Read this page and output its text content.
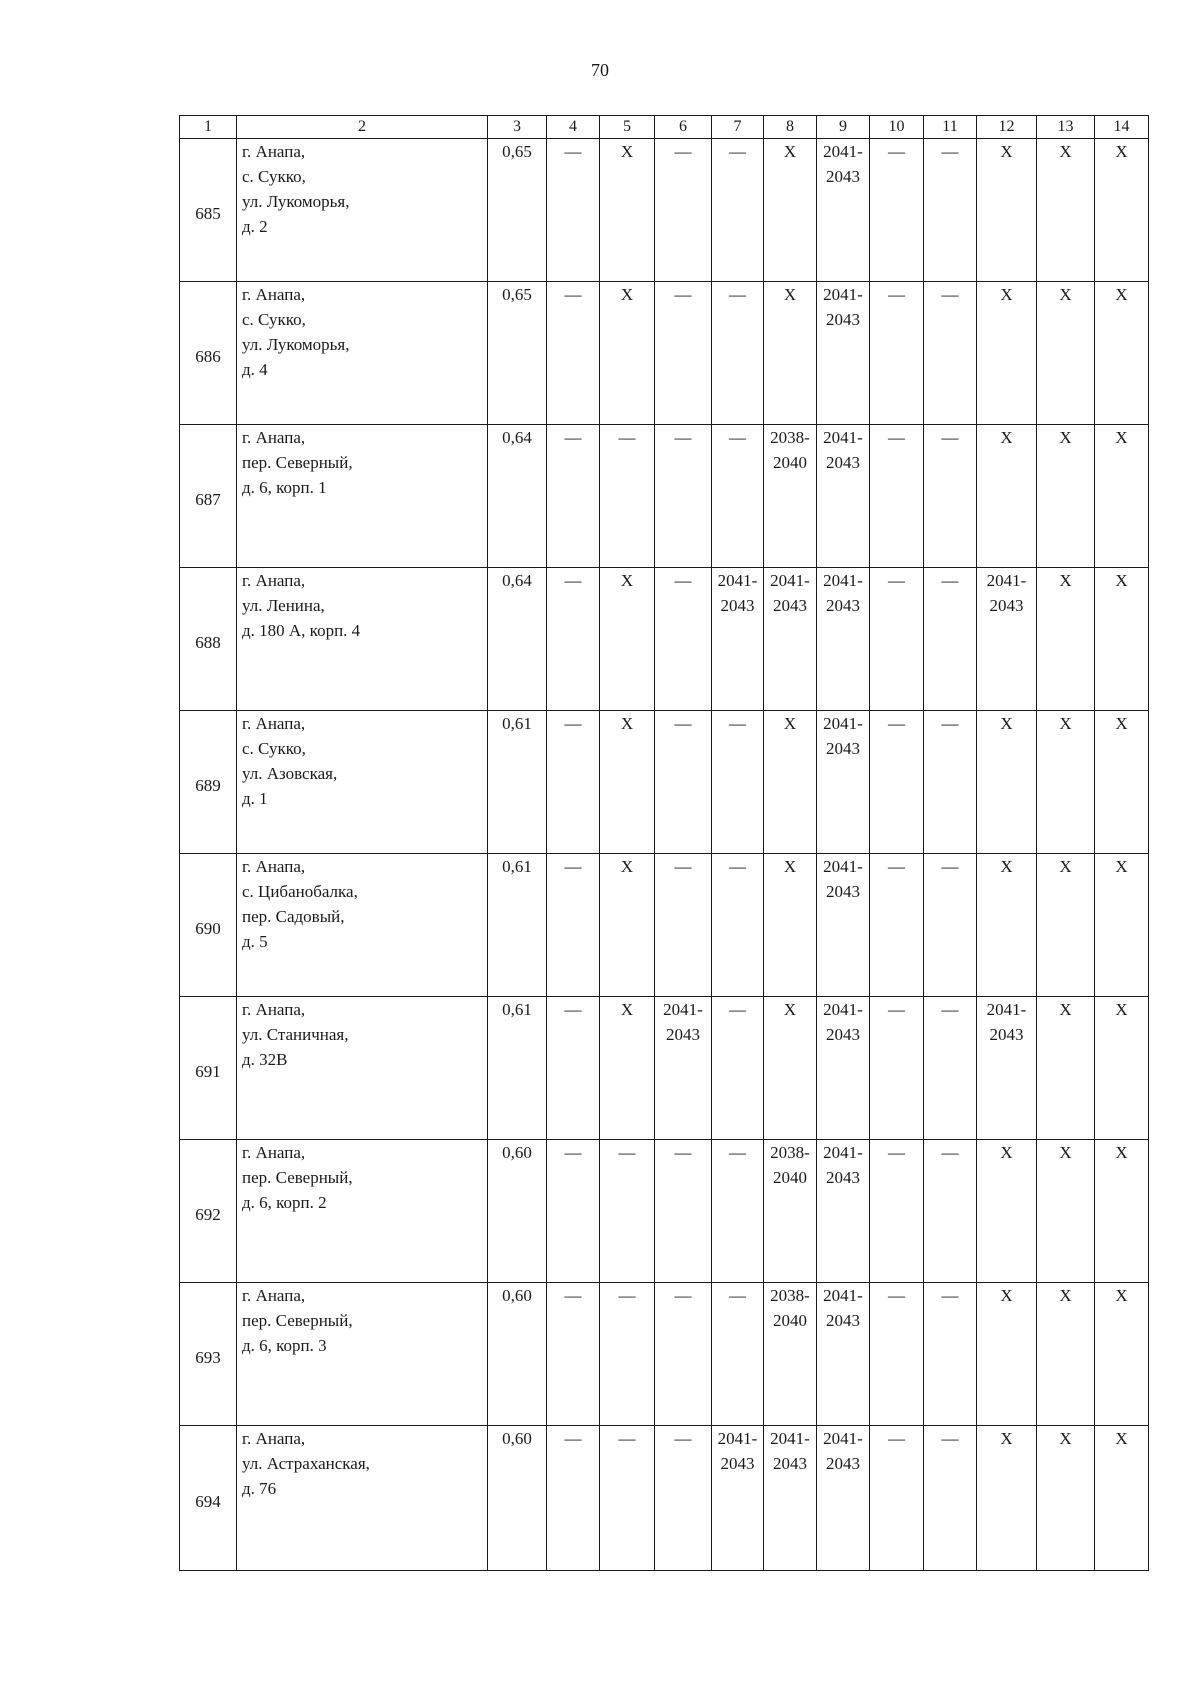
70
1	2	3	4	5	6	7	8	9	10	11	12	13	14
685	г. Анапа,
с. Сукко,
ул. Лукоморья,
д. 2	0,65	—	Х	—	—	Х	2041-
2043	—	—	Х	Х	Х
686	г. Анапа,
с. Сукко,
ул. Лукоморья,
д. 4	0,65	—	Х	—	—	Х	2041-
2043	—	—	Х	Х	Х
687	г. Анапа,
пер. Северный,
д. 6, корп. 1	0,64	—	—	—	—	2038-
2040	2041-
2043	—	—	Х	Х	Х
688	г. Анапа,
ул. Ленина,
д. 180 А, корп. 4	0,64	—	Х	—	2041-
2043	2041-
2043	2041-
2043	—	—	2041-
2043	Х	Х
689	г. Анапа,
с. Сукко,
ул. Азовская,
д. 1	0,61	—	Х	—	—	Х	2041-
2043	—	—	Х	Х	Х
690	г. Анапа,
с. Цибанобалка,
пер. Садовый,
д. 5	0,61	—	Х	—	—	Х	2041-
2043	—	—	Х	Х	Х
691	г. Анапа,
ул. Станичная,
д. 32В	0,61	—	Х	2041-
2043	—	Х	2041-
2043	—	—	2041-
2043	Х	Х
692	г. Анапа,
пер. Северный,
д. 6, корп. 2	0,60	—	—	—	—	2038-
2040	2041-
2043	—	—	Х	Х	Х
693	г. Анапа,
пер. Северный,
д. 6, корп. 3	0,60	—	—	—	—	2038-
2040	2041-
2043	—	—	Х	Х	Х
694	г. Анапа,
ул. Астраханская,
д. 76	0,60	—	—	—	2041-
2043	2041-
2043	2041-
2043	—	—	Х	Х	Х
